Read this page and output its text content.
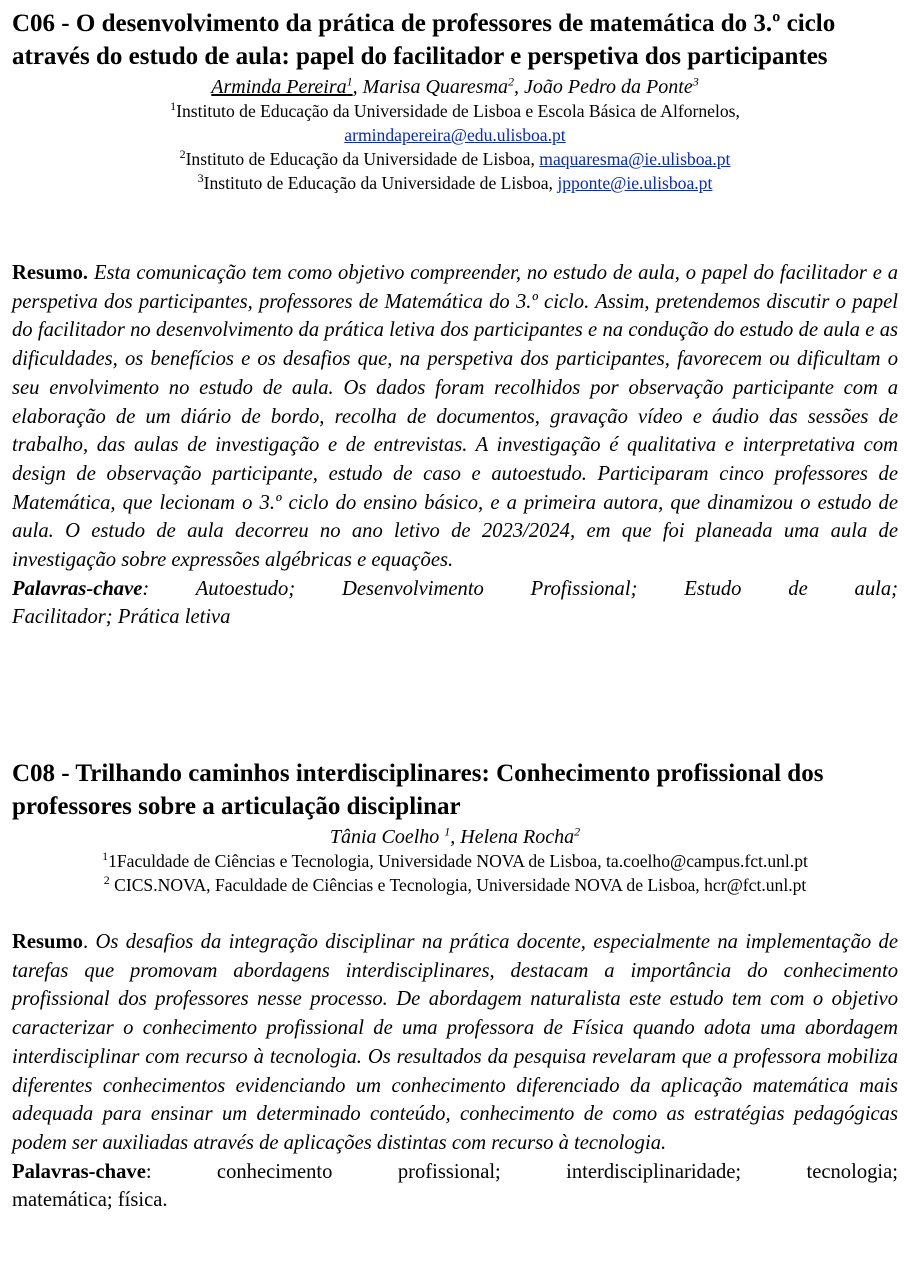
C06 - O desenvolvimento da prática de professores de matemática do 3.º ciclo através do estudo de aula: papel do facilitador e perspetiva dos participantes
Arminda Pereira$^1$, Marisa Quaresma$^2$, João Pedro da Ponte$^3$
$^1$Instituto de Educação da Universidade de Lisboa e Escola Básica de Alfornelos,
armindapereira@edu.ulisboa.pt
$^2$Instituto de Educação da Universidade de Lisboa, maquaresma@ie.ulisboa.pt
$^3$Instituto de Educação da Universidade de Lisboa, jpponte@ie.ulisboa.pt

Resumo. Esta comunicação tem como objetivo compreender, no estudo de aula, o papel do facilitador e a perspetiva dos participantes, professores de Matemática do 3.º ciclo. Assim, pretendemos discutir o papel do facilitador no desenvolvimento da prática letiva dos participantes e na condução do estudo de aula e as dificuldades, os benefícios e os desafios que, na perspetiva dos participantes, favorecem ou dificultam o seu envolvimento no estudo de aula. Os dados foram recolhidos por observação participante com a elaboração de um diário de bordo, recolha de documentos, gravação vídeo e áudio das sessões de trabalho, das aulas de investigação e de entrevistas. A investigação é qualitativa e interpretativa com design de observação participante, estudo de caso e autoestudo. Participaram cinco professores de Matemática, que lecionam o 3.º ciclo do ensino básico, e a primeira autora, que dinamizou o estudo de aula. O estudo de aula decorreu no ano letivo de 2023/2024, em que foi planeada uma aula de investigação sobre expressões algébricas e equações.

Palavras-chave: Autoestudo; Desenvolvimento Profissional; Estudo de aula;

Facilitador; Prática letiva

C08 - Trilhando caminhos interdisciplinares: Conhecimento profissional dos professores sobre a articulação disciplinar
Tânia Coelho $^1$, Helena Rocha$^2$
$^1$1Faculdade de Ciências e Tecnologia, Universidade NOVA de Lisboa, ta.coelho@campus.fct.unl.pt
$^2$ CICS.NOVA, Faculdade de Ciências e Tecnologia, Universidade NOVA de Lisboa, hcr@fct.unl.pt

Resumo. Os desafios da integração disciplinar na prática docente, especialmente na implementação de tarefas que promovam abordagens interdisciplinares, destacam a importância do conhecimento profissional dos professores nesse processo. De abordagem naturalista este estudo tem com o objetivo caracterizar o conhecimento profissional de uma professora de Física quando adota uma abordagem interdisciplinar com recurso à tecnologia. Os resultados da pesquisa revelaram que a professora mobiliza diferentes conhecimentos evidenciando um conhecimento diferenciado da aplicação matemática mais adequada para ensinar um determinado conteúdo, conhecimento de como as estratégias pedagógicas podem ser auxiliadas através de aplicações distintas com recurso à tecnologia.

Palavras-chave: conhecimento profissional; interdisciplinaridade; tecnologia;

matemática; física.
